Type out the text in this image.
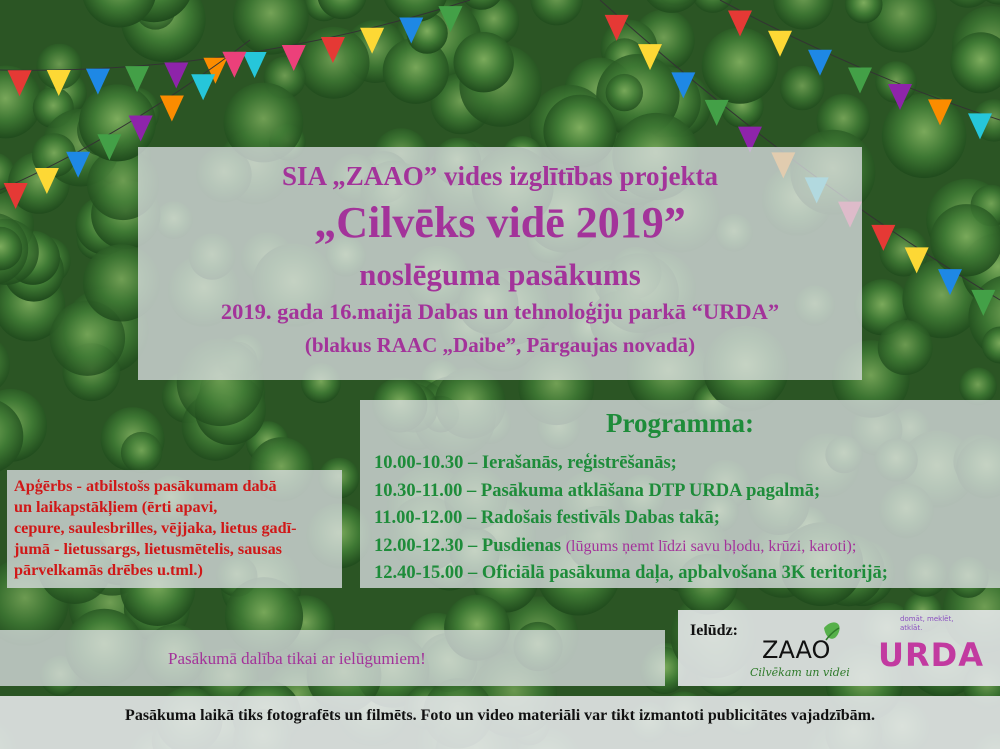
SIA „ZAAO” vides izglītības projekta
„Cilvēks vidē 2019”
noslēguma pasākums
2019. gada 16.maijā Dabas un tehnoloģiju parkā “URDA”
(blakus RAAC „Daibe”, Pārgaujas novadā)
Programma:
10.00-10.30 – Ierašanās, reģistrēšanās;
10.30-11.00 – Pasākuma atklāšana DTP URDA pagalmā;
11.00-12.00 – Radošais festivāls Dabas takā;
12.00-12.30 – Pusdienas (lūgums ņemt līdzi savu bļodu, krūzi, karoti);
12.40-15.00 – Oficiālā pasākuma daļa, apbalvošana 3K teritorijā;
Apģērbs - atbilstošs pasākumam dabā
un laikapstākļiem (ērti apavi,
cepure, saulesbrilles, vējjaka, lietus gadī-
jumā - lietussargs, lietusmētelis, sausas
pārvelkamās drēbes u.tml.)
Pasākumā dalība tikai ar ielūgumiem!
Ielūdz:
ZAAO
Cilvēkam un videi
domāt, meklēt,
atklāt.
URDA
Pasākuma laikā tiks fotografēts un filmēts. Foto un video materiāli var tikt izmantoti publicitātes vajadzībām.
